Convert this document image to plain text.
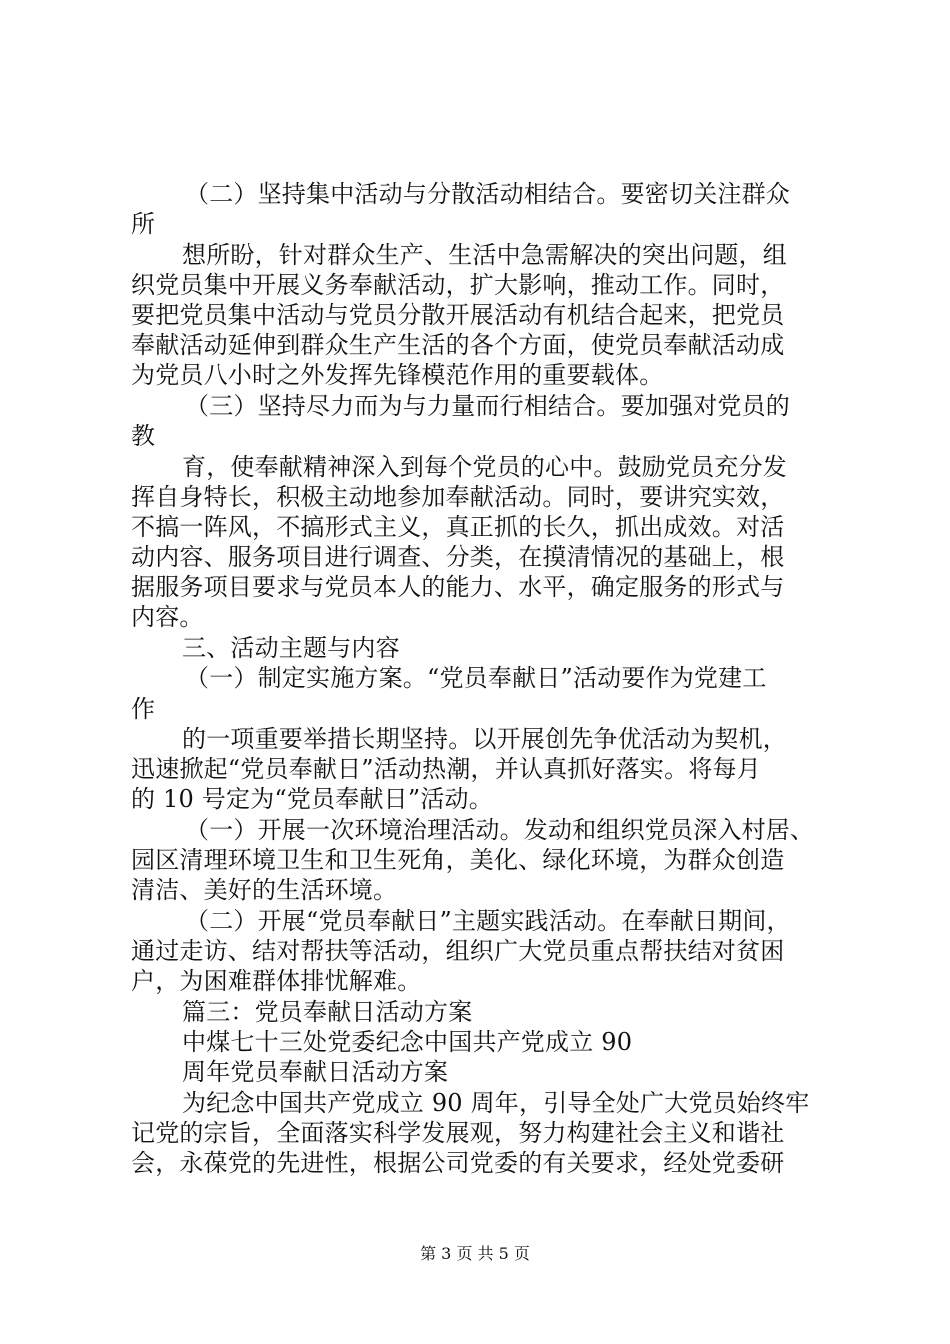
（二）坚持集中活动与分散活动相结合。要密切关注群众
所
想所盼，针对群众生产、生活中急需解决的突出问题，组
织党员集中开展义务奉献活动，扩大影响，推动工作。同时，
要把党员集中活动与党员分散开展活动有机结合起来，把党员
奉献活动延伸到群众生产生活的各个方面，使党员奉献活动成
为党员八小时之外发挥先锋模范作用的重要载体。
（三）坚持尽力而为与力量而行相结合。要加强对党员的
教
育，使奉献精神深入到每个党员的心中。鼓励党员充分发
挥自身特长，积极主动地参加奉献活动。同时，要讲究实效，
不搞一阵风，不搞形式主义，真正抓的长久，抓出成效。对活
动内容、服务项目进行调查、分类，在摸清情况的基础上，根
据服务项目要求与党员本人的能力、水平，确定服务的形式与
内容。
三、活动主题与内容
（一）制定实施方案。“党员奉献日”活动要作为党建工
作
的一项重要举措长期坚持。以开展创先争优活动为契机，
迅速掀起“党员奉献日”活动热潮，并认真抓好落实。将每月
的 10 号定为“党员奉献日”活动。
（一）开展一次环境治理活动。发动和组织党员深入村居、
园区清理环境卫生和卫生死角，美化、绿化环境，为群众创造
清洁、美好的生活环境。
（二）开展“党员奉献日”主题实践活动。在奉献日期间，
通过走访、结对帮扶等活动，组织广大党员重点帮扶结对贫困
户，为困难群体排忧解难。
篇三：党员奉献日活动方案
中煤七十三处党委纪念中国共产党成立 90
周年党员奉献日活动方案
为纪念中国共产党成立 90 周年，引导全处广大党员始终牢
记党的宗旨，全面落实科学发展观，努力构建社会主义和谐社
会，永葆党的先进性，根据公司党委的有关要求，经处党委研
第 3 页 共 5 页
